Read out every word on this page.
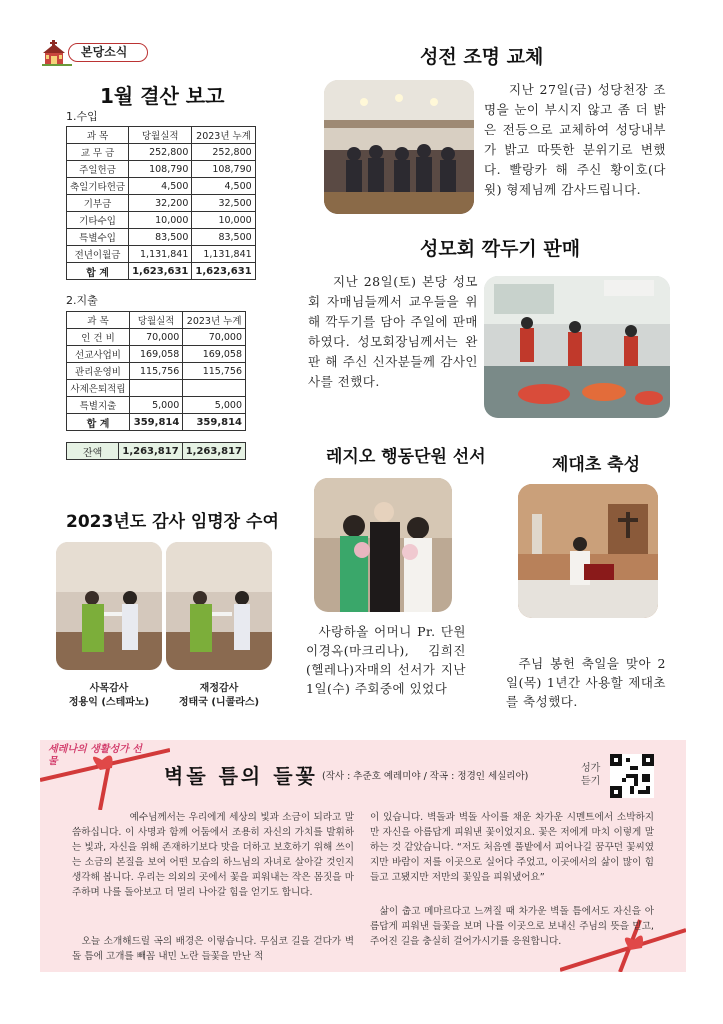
본당소식
1월 결산 보고
1.수입
과 목	당월실적	2023년 누계
교 무 금	252,800	252,800
주일헌금	108,790	108,790
축일기타헌금	4,500	4,500
기부금	32,200	32,500
기타수입	10,000	10,000
특별수입	83,500	83,500
전년이월금	1,131,841	1,131,841
합 계	1,623,631	1,623,631
2.지출
과 목	당월실적	2023년 누계
인 건 비	70,000	70,000
선교사업비	169,058	169,058
관리운영비	115,756	115,756
사제은퇴적립		
특별지출	5,000	5,000
합 계	359,814	359,814
잔액	1,263,817	1,263,817
성전 조명 교체
지난 27일(금) 성당천장 조명을 눈이 부시지 않고 좀 더 밝은 전등으로 교체하여 성당내부가 밝고 따뜻한 분위기로 변했다. 빨랑카 해 주신 황이호(다윗) 형제님께 감사드립니다.
성모회 깍두기 판매
지난 28일(토) 본당 성모회 자매님들께서 교우들을 위해 깍두기를 담아 주일에 판매하였다. 성모회장님께서는 완판 해 주신 신자분들께 감사인사를 전했다.
레지오 행동단원 선서
사랑하올 어머니 Pr. 단원 이경옥(마크리나), 김희진(헬레나)자매의 선서가 지난 1일(수) 주회중에 있었다
제대초 축성
주님 봉헌 축일을 맞아 2일(목) 1년간 사용할 제대초를 축성했다.
2023년도 감사 임명장 수여
사목감사
정용익 (스테파노)
재정감사
정태국 (니콜라스)
세레나의 생활성가 선물
벽돌 틈의 들꽃 (작사 : 추준호 예레미야 / 작곡 : 정경인 세실리아)
성가 듣기
예수님께서는 우리에게 세상의 빛과 소금이 되라고 말씀하십니다. 이 사명과 함께 어둠에서 조용히 자신의 가치를 발휘하는 빛과, 자신을 위해 존재하기보다 맛을 더하고 보호하기 위해 쓰이는 소금의 본질을 보여 어떤 모습의 하느님의 자녀로 살아갈 것인지 생각해 봅니다. 우리는 의외의 곳에서 꽃을 피워내는 작은 몸짓을 마주하며 나를 돌아보고 더 멀리 나아갈 힘을 얻기도 합니다.
오늘 소개해드릴 곡의 배경은 이렇습니다. 무심코 길을 걷다가 벽돌 틈에 고개를 빼꼼 내민 노란 들꽃을 만난 적
이 있습니다. 벽돌과 벽돌 사이를 채운 차가운 시멘트에서 소박하지만 자신을 아름답게 피워낸 꽃이었지요. 꽃은 저에게 마치 이렇게 말하는 것 같았습니다. “저도 처음엔 풀밭에서 피어나길 꿈꾸던 꽃씨였지만 바람이 저를 이곳으로 실어다 주었고, 이곳에서의 삶이 많이 힘들고 고됐지만 저만의 꽃잎을 피워냈어요”
삶이 춥고 메마르다고 느껴질 때 차가운 벽돌 틈에서도 자신을 아름답게 피워낸 들꽃을 보며 나를 이곳으로 보내신 주님의 뜻을 믿고, 주어진 길을 충실히 걸어가시기를 응원합니다.
